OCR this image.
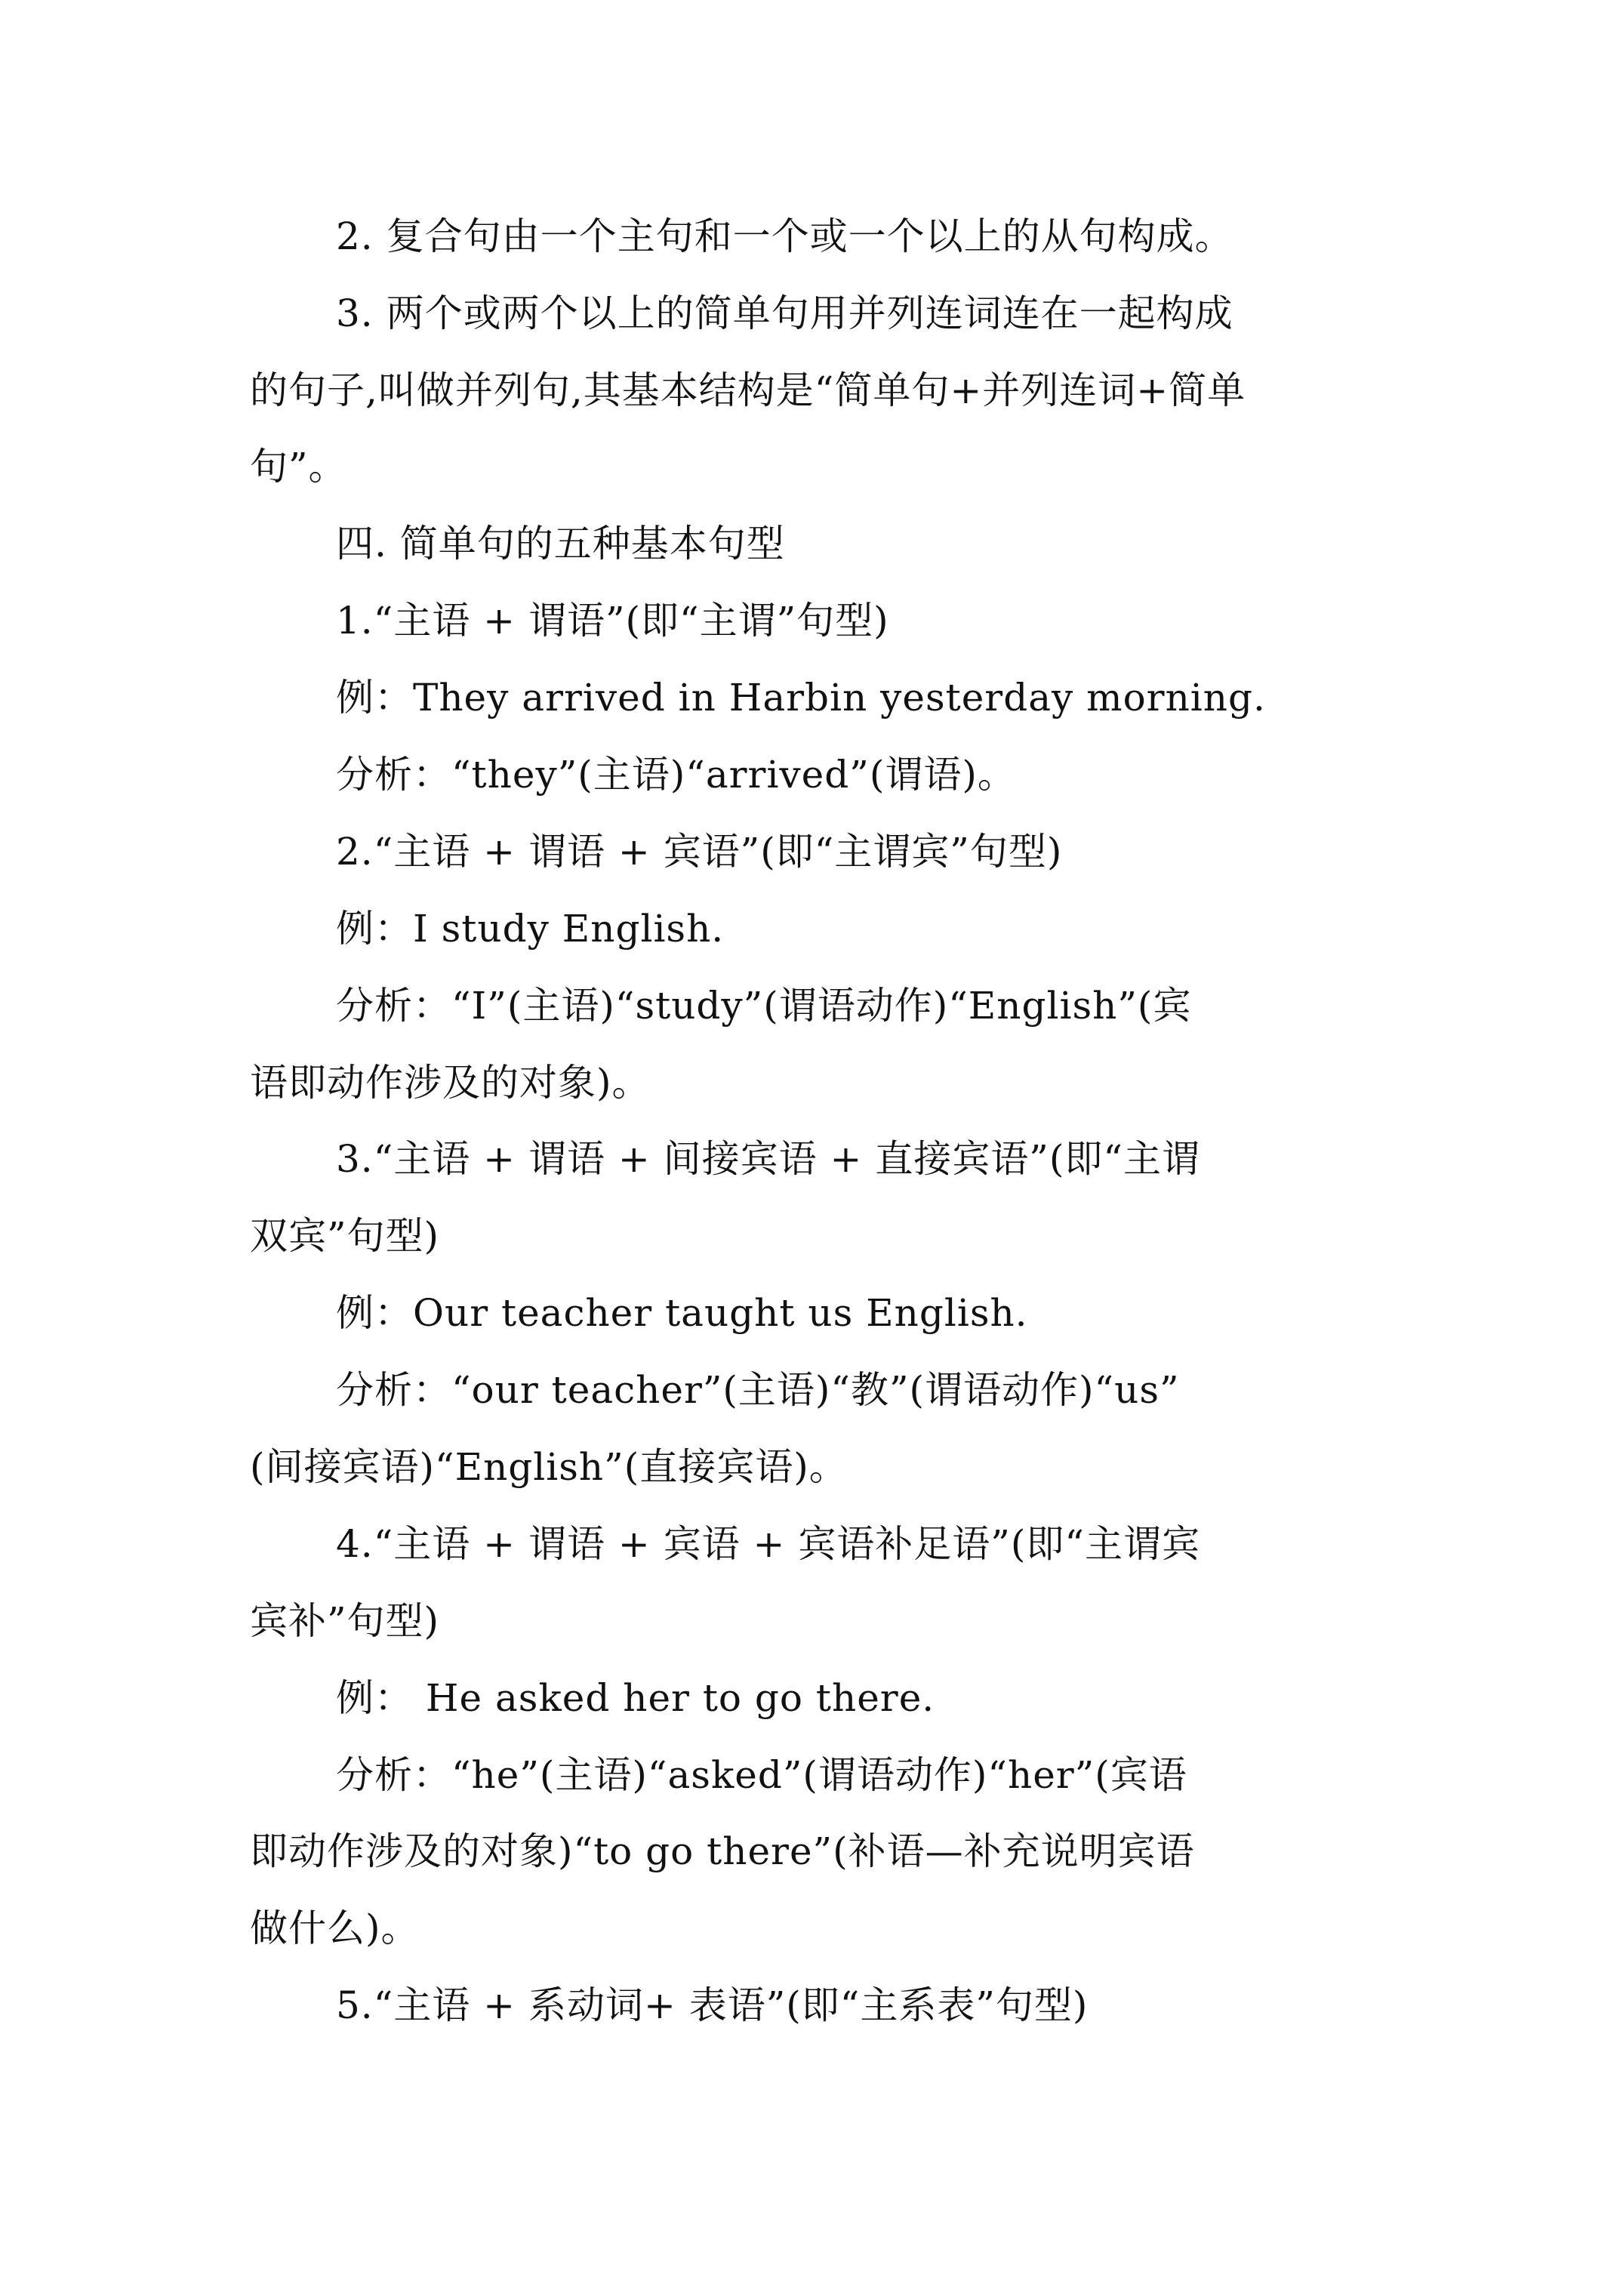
2. 复合句由一个主句和一个或一个以上的从句构成。
3. 两个或两个以上的简单句用并列连词连在一起构成
的句子,叫做并列句,其基本结构是“简单句+并列连词+简单
句”。
四. 简单句的五种基本句型
1.“主语 + 谓语”(即“主谓”句型)
例：They arrived in Harbin yesterday morning.
分析：“they”(主语)“arrived”(谓语)。
2.“主语 + 谓语 + 宾语”(即“主谓宾”句型)
例：I study English.
分析：“I”(主语)“study”(谓语动作)“English”(宾
语即动作涉及的对象)。
3.“主语 + 谓语 + 间接宾语 + 直接宾语”(即“主谓
双宾”句型)
例：Our teacher taught us English.
分析：“our teacher”(主语)“教”(谓语动作)“us”
(间接宾语)“English”(直接宾语)。
4.“主语 + 谓语 + 宾语 + 宾语补足语”(即“主谓宾
宾补”句型)
例： He asked her to go there.
分析：“he”(主语)“asked”(谓语动作)“her”(宾语
即动作涉及的对象)“to go there”(补语—补充说明宾语
做什么)。
5.“主语 + 系动词+ 表语”(即“主系表”句型)
